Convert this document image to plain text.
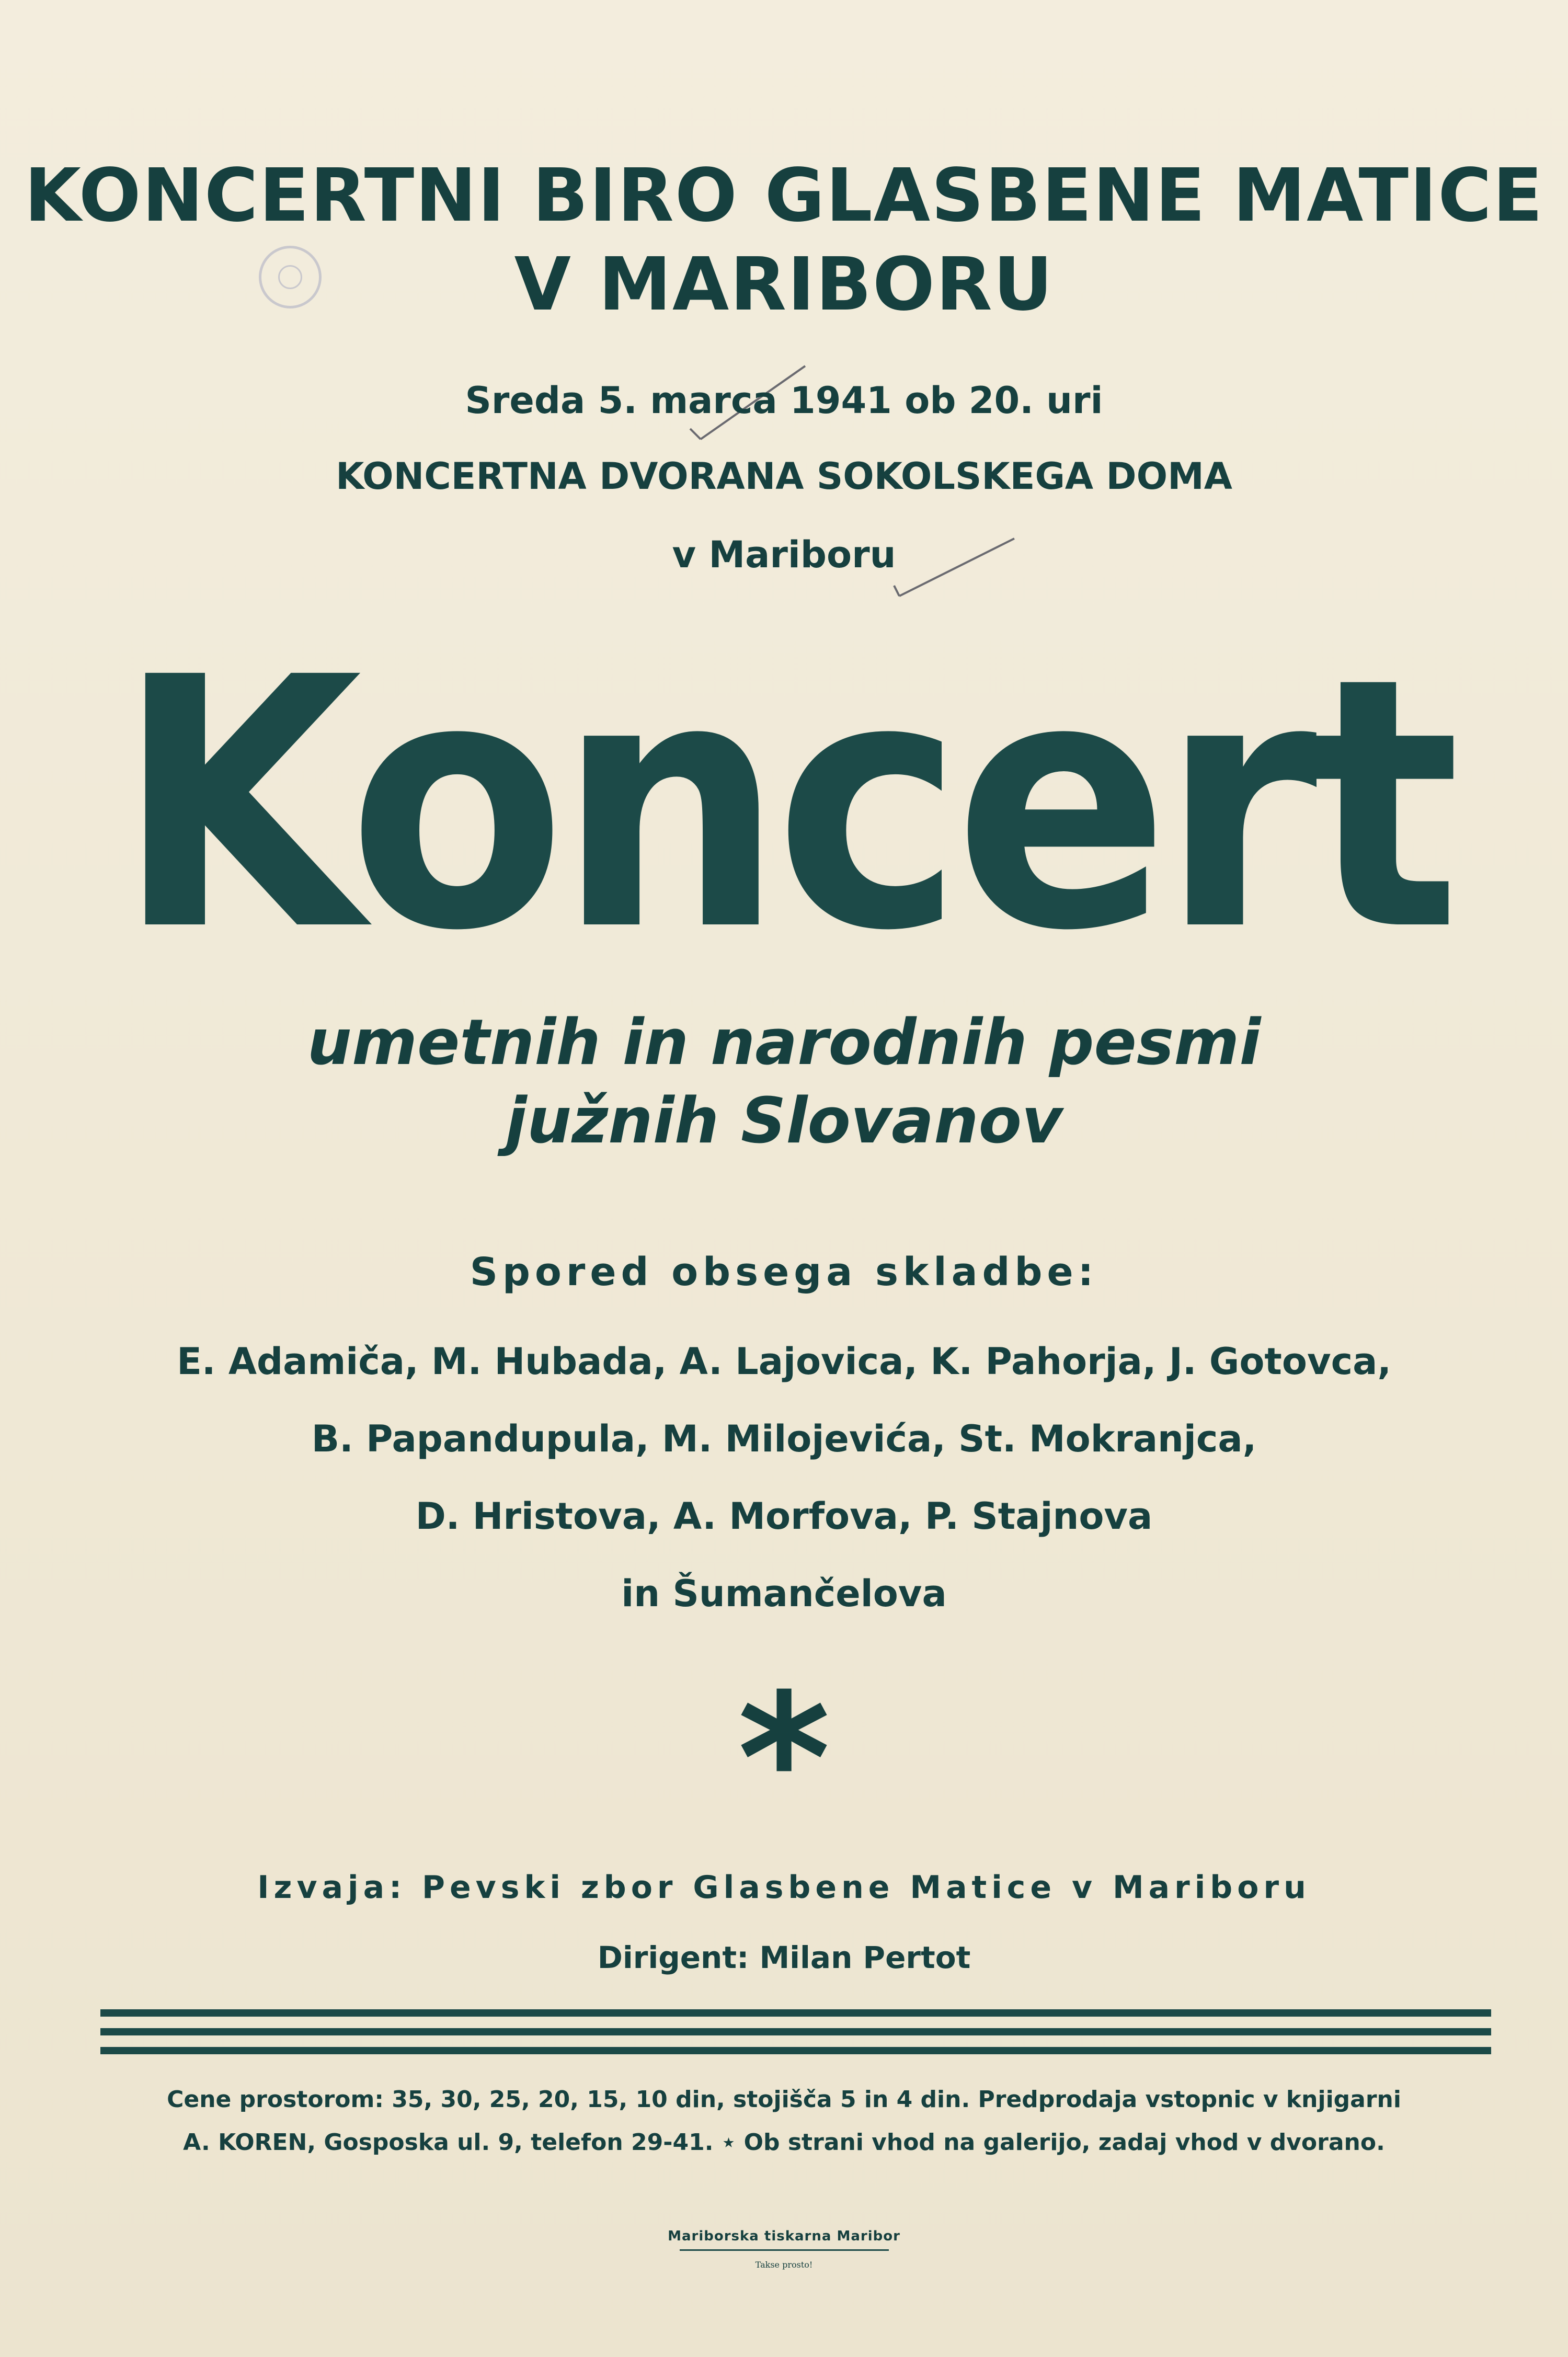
KONCERTNI BIRO GLASBENE MATICE
V MARIBORU
Sreda 5. marca 1941 ob 20. uri
KONCERTNA DVORANA SOKOLSKEGA DOMA
v Mariboru
Koncert
umetnih in narodnih pesmi
južnih Slovanov
Spored obsega skladbe:
E. Adamiča, M. Hubada, A. Lajovica, K. Pahorja, J. Gotovca,
B. Papandupula, M. Milojevića, St. Mokranjca,
D. Hristova, A. Morfova, P. Stajnova
in Šumančelova
*
Izvaja: Pevski zbor Glasbene Matice v Mariboru
Dirigent: Milan Pertot
Cene prostorom: 35, 30, 25, 20, 15, 10 din, stojišča 5 in 4 din. Predprodaja vstopnic v knjigarni
A. KOREN, Gosposka ul. 9, telefon 29-41. ⋆ Ob strani vhod na galerijo, zadaj vhod v dvorano.
Mariborska tiskarna Maribor
Takse prosto!
